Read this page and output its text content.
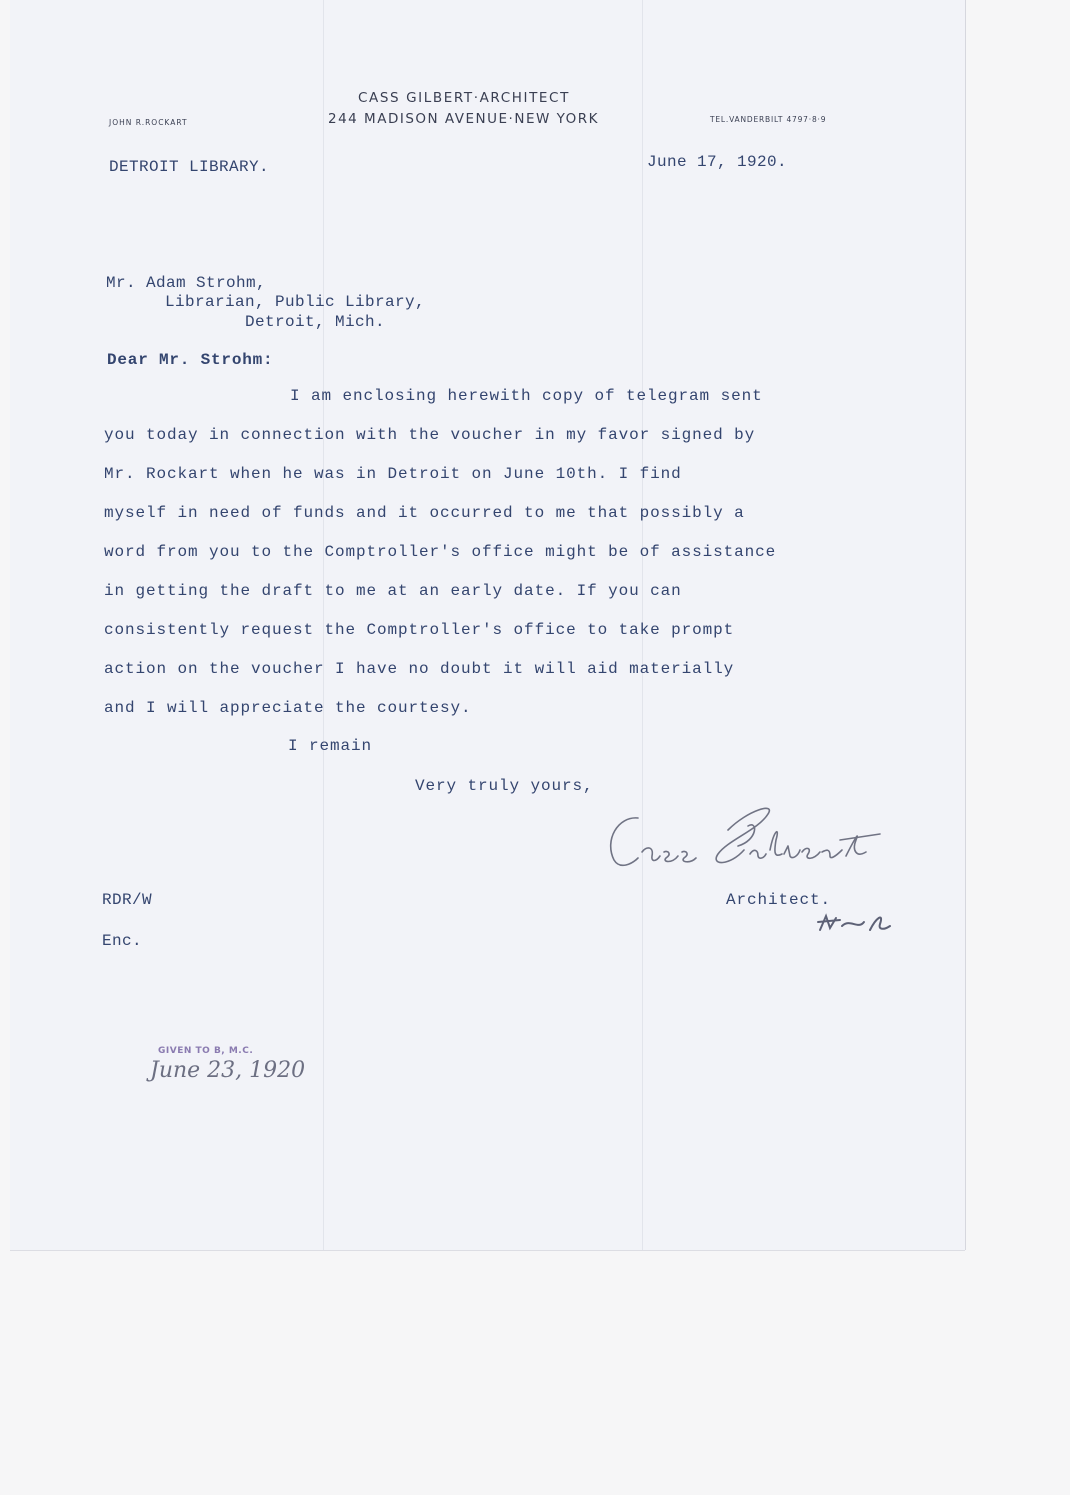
CASS GILBERT·ARCHITECT
244 MADISON AVENUE·NEW YORK
JOHN R.ROCKART	TEL.VANDERBILT 4797·8·9
DETROIT LIBRARY.	June 17, 1920.
Mr. Adam Strohm,
Librarian, Public Library,
Detroit, Mich.
Dear Mr. Strohm:
I am enclosing herewith copy of telegram sent
you today in connection with the voucher in my favor signed by
Mr. Rockart when he was in Detroit on June 10th. I find
myself in need of funds and it occurred to me that possibly a
word from you to the Comptroller's office might be of assistance
in getting the draft to me at an early date. If you can
consistently request the Comptroller's office to take prompt
action on the voucher I have no doubt it will aid materially
and I will appreciate the courtesy.
I remain
Very truly yours,
Architect.
RDR/W
Enc.
GIVEN TO B, M.C.
June 23, 1920
